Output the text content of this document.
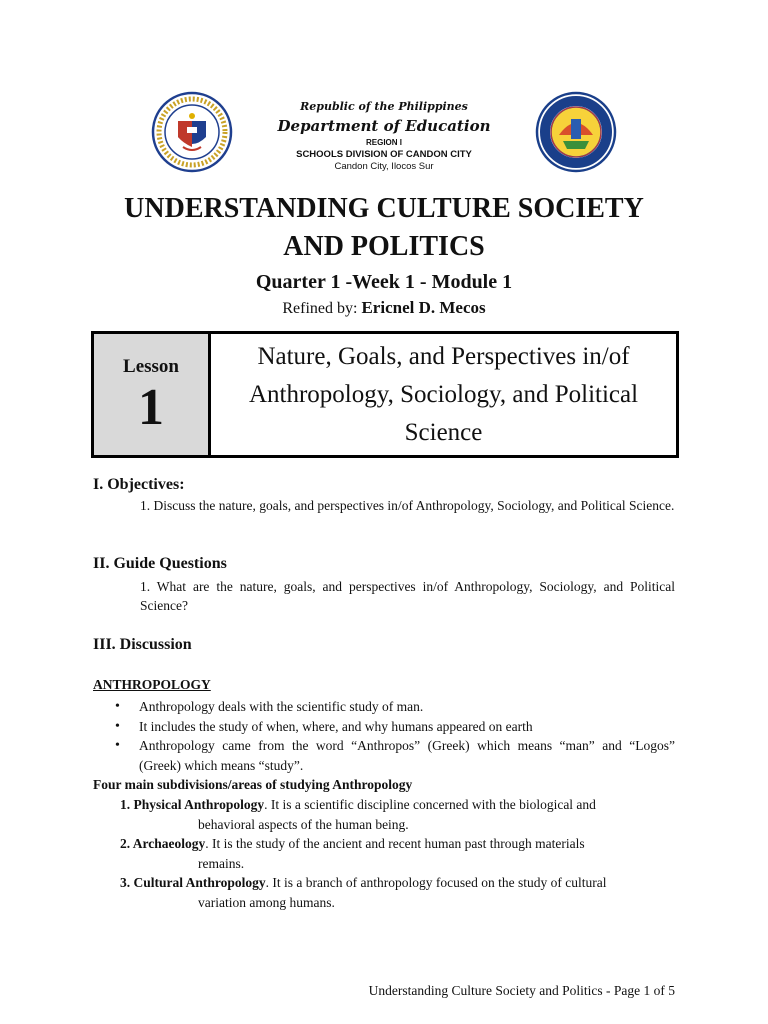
Republic of the Philippines
Department of Education
REGION I
SCHOOLS DIVISION OF CANDON CITY
Candon City, Ilocos Sur
UNDERSTANDING CULTURE SOCIETY
AND POLITICS
Quarter 1 -Week 1 - Module 1
Refined by: Ericnel D. Mecos
Lesson
1
Nature, Goals, and Perspectives in/of Anthropology, Sociology, and Political Science
I. Objectives:
1. Discuss the nature, goals, and perspectives in/of Anthropology, Sociology, and Political Science.
II. Guide Questions
1. What are the nature, goals, and perspectives in/of Anthropology, Sociology, and Political Science?
III. Discussion
ANTHROPOLOGY
• Anthropology deals with the scientific study of man.
• It includes the study of when, where, and why humans appeared on earth
• Anthropology came from the word “Anthropos” (Greek) which means “man” and “Logos” (Greek) which means “study”.
Four main subdivisions/areas of studying Anthropology
1. Physical Anthropology. It is a scientific discipline concerned with the biological and
behavioral aspects of the human being.
2. Archaeology. It is the study of the ancient and recent human past through materials
remains.
3. Cultural Anthropology. It is a branch of anthropology focused on the study of cultural
variation among humans.
Understanding Culture Society and Politics - Page 1 of 5
